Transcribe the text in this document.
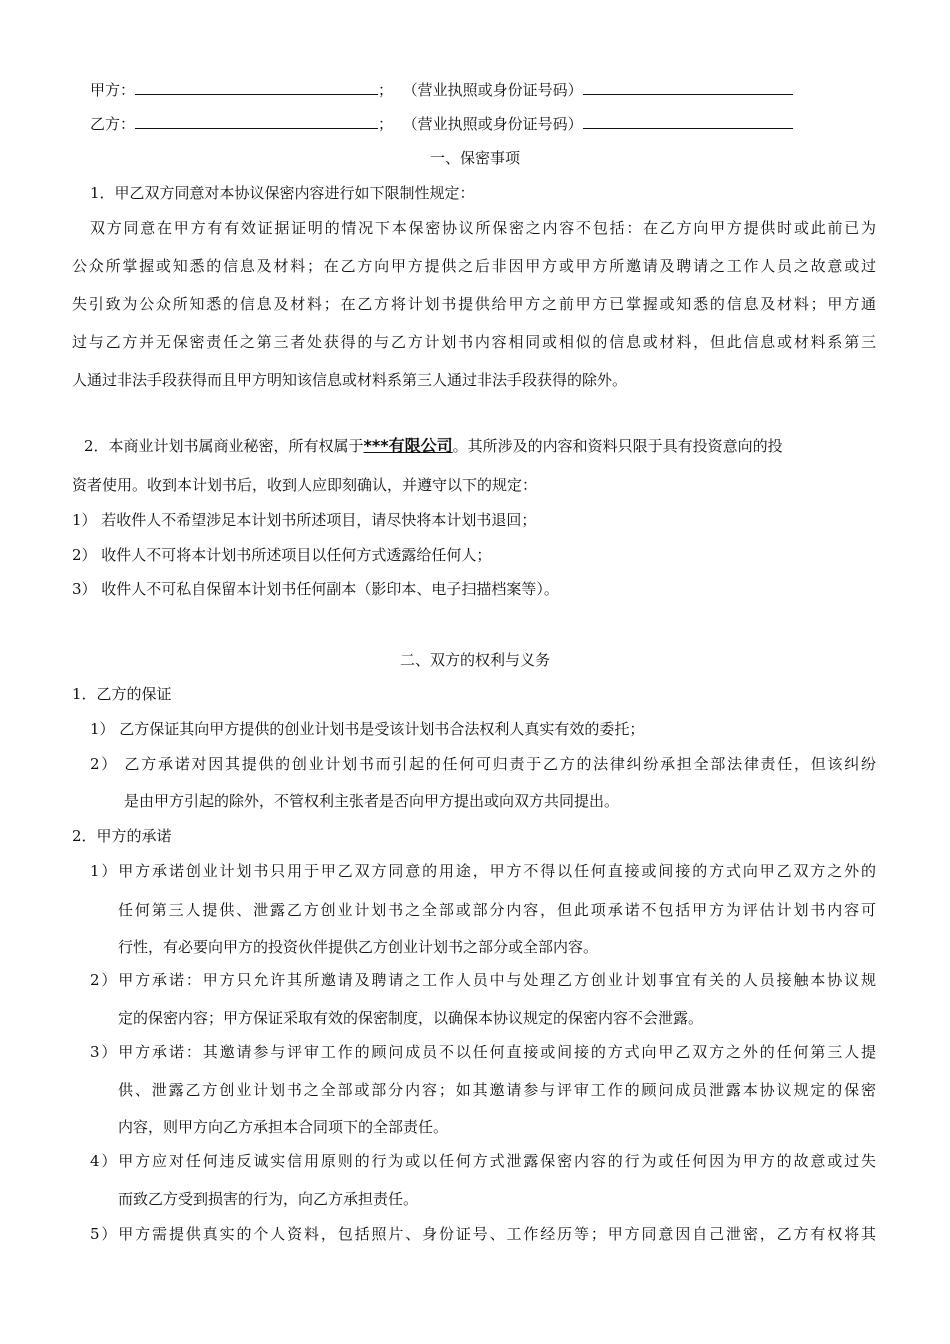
甲方：	； （营业执照或身份证号码）
乙方：	； （营业执照或身份证号码）
一、保密事项
1．甲乙双方同意对本协议保密内容进行如下限制性规定：
双方同意在甲方有有效证据证明的情况下本保密协议所保密之内容不包括：在乙方向甲方提供时或此前已为
公众所掌握或知悉的信息及材料；在乙方向甲方提供之后非因甲方或甲方所邀请及聘请之工作人员之故意或过
失引致为公众所知悉的信息及材料；在乙方将计划书提供给甲方之前甲方已掌握或知悉的信息及材料；甲方通
过与乙方并无保密责任之第三者处获得的与乙方计划书内容相同或相似的信息或材料，但此信息或材料系第三
人通过非法手段获得而且甲方明知该信息或材料系第三人通过非法手段获得的除外。
2．本商业计划书属商业秘密，所有权属于***有限公司。其所涉及的内容和资料只限于具有投资意向的投
资者使用。收到本计划书后，收到人应即刻确认，并遵守以下的规定：
1） 若收件人不希望涉足本计划书所述项目，请尽快将本计划书退回；
2） 收件人不可将本计划书所述项目以任何方式透露给任何人；
3） 收件人不可私自保留本计划书任何副本（影印本、电子扫描档案等）。
二、双方的权利与义务
1．乙方的保证
1） 乙方保证其向甲方提供的创业计划书是受该计划书合法权利人真实有效的委托；
2） 乙方承诺对因其提供的创业计划书而引起的任何可归责于乙方的法律纠纷承担全部法律责任，但该纠纷
是由甲方引起的除外，不管权利主张者是否向甲方提出或向双方共同提出。
2．甲方的承诺
1）甲方承诺创业计划书只用于甲乙双方同意的用途，甲方不得以任何直接或间接的方式向甲乙双方之外的
任何第三人提供、泄露乙方创业计划书之全部或部分内容，但此项承诺不包括甲方为评估计划书内容可
行性，有必要向甲方的投资伙伴提供乙方创业计划书之部分或全部内容。
2）甲方承诺：甲方只允许其所邀请及聘请之工作人员中与处理乙方创业计划事宜有关的人员接触本协议规
定的保密内容；甲方保证采取有效的保密制度，以确保本协议规定的保密内容不会泄露。
3）甲方承诺：其邀请参与评审工作的顾问成员不以任何直接或间接的方式向甲乙双方之外的任何第三人提
供、泄露乙方创业计划书之全部或部分内容；如其邀请参与评审工作的顾问成员泄露本协议规定的保密
内容，则甲方向乙方承担本合同项下的全部责任。
4）甲方应对任何违反诚实信用原则的行为或以任何方式泄露保密内容的行为或任何因为甲方的故意或过失
而致乙方受到损害的行为，向乙方承担责任。
5）甲方需提供真实的个人资料，包括照片、身份证号、工作经历等；甲方同意因自己泄密，乙方有权将其
